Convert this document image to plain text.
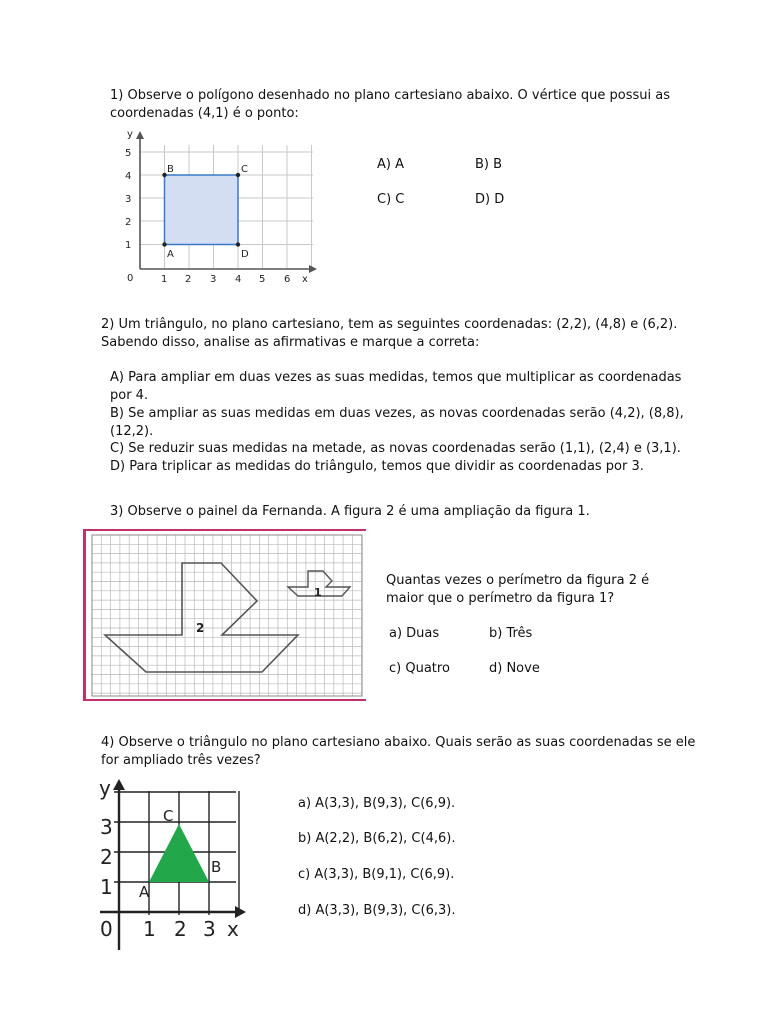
1) Observe o polígono desenhado no plano cartesiano abaixo. O vértice que possui as
coordenadas (4,1) é o ponto:
y
x
0
5
4
3
2
1
1 2 3 4 5 6
A
B	C
D
A) A	B) B
C) C	D) D
2) Um triângulo, no plano cartesiano, tem as seguintes coordenadas: (2,2), (4,8) e (6,2).
Sabendo disso, analise as afirmativas e marque a correta:
A) Para ampliar em duas vezes as suas medidas, temos que multiplicar as coordenadas
por 4.
B) Se ampliar as suas medidas em duas vezes, as novas coordenadas serão (4,2), (8,8),
(12,2).
C) Se reduzir suas medidas na metade, as novas coordenadas serão (1,1), (2,4) e (3,1).
D) Para triplicar as medidas do triângulo, temos que dividir as coordenadas por 3.
3) Observe o painel da Fernanda. A figura 2 é uma ampliação da figura 1.
2
1
Quantas vezes o perímetro da figura 2 é
maior que o perímetro da figura 1?
a) Duas	b) Três
c) Quatro	d) Nove
4) Observe o triângulo no plano cartesiano abaixo. Quais serão as suas coordenadas se ele
for ampliado três vezes?
y
x
0
3
2
1
1 2 3
A
B
C
a) A(3,3), B(9,3), C(6,9).
b) A(2,2), B(6,2), C(4,6).
c) A(3,3), B(9,1), C(6,9).
d) A(3,3), B(9,3), C(6,3).
